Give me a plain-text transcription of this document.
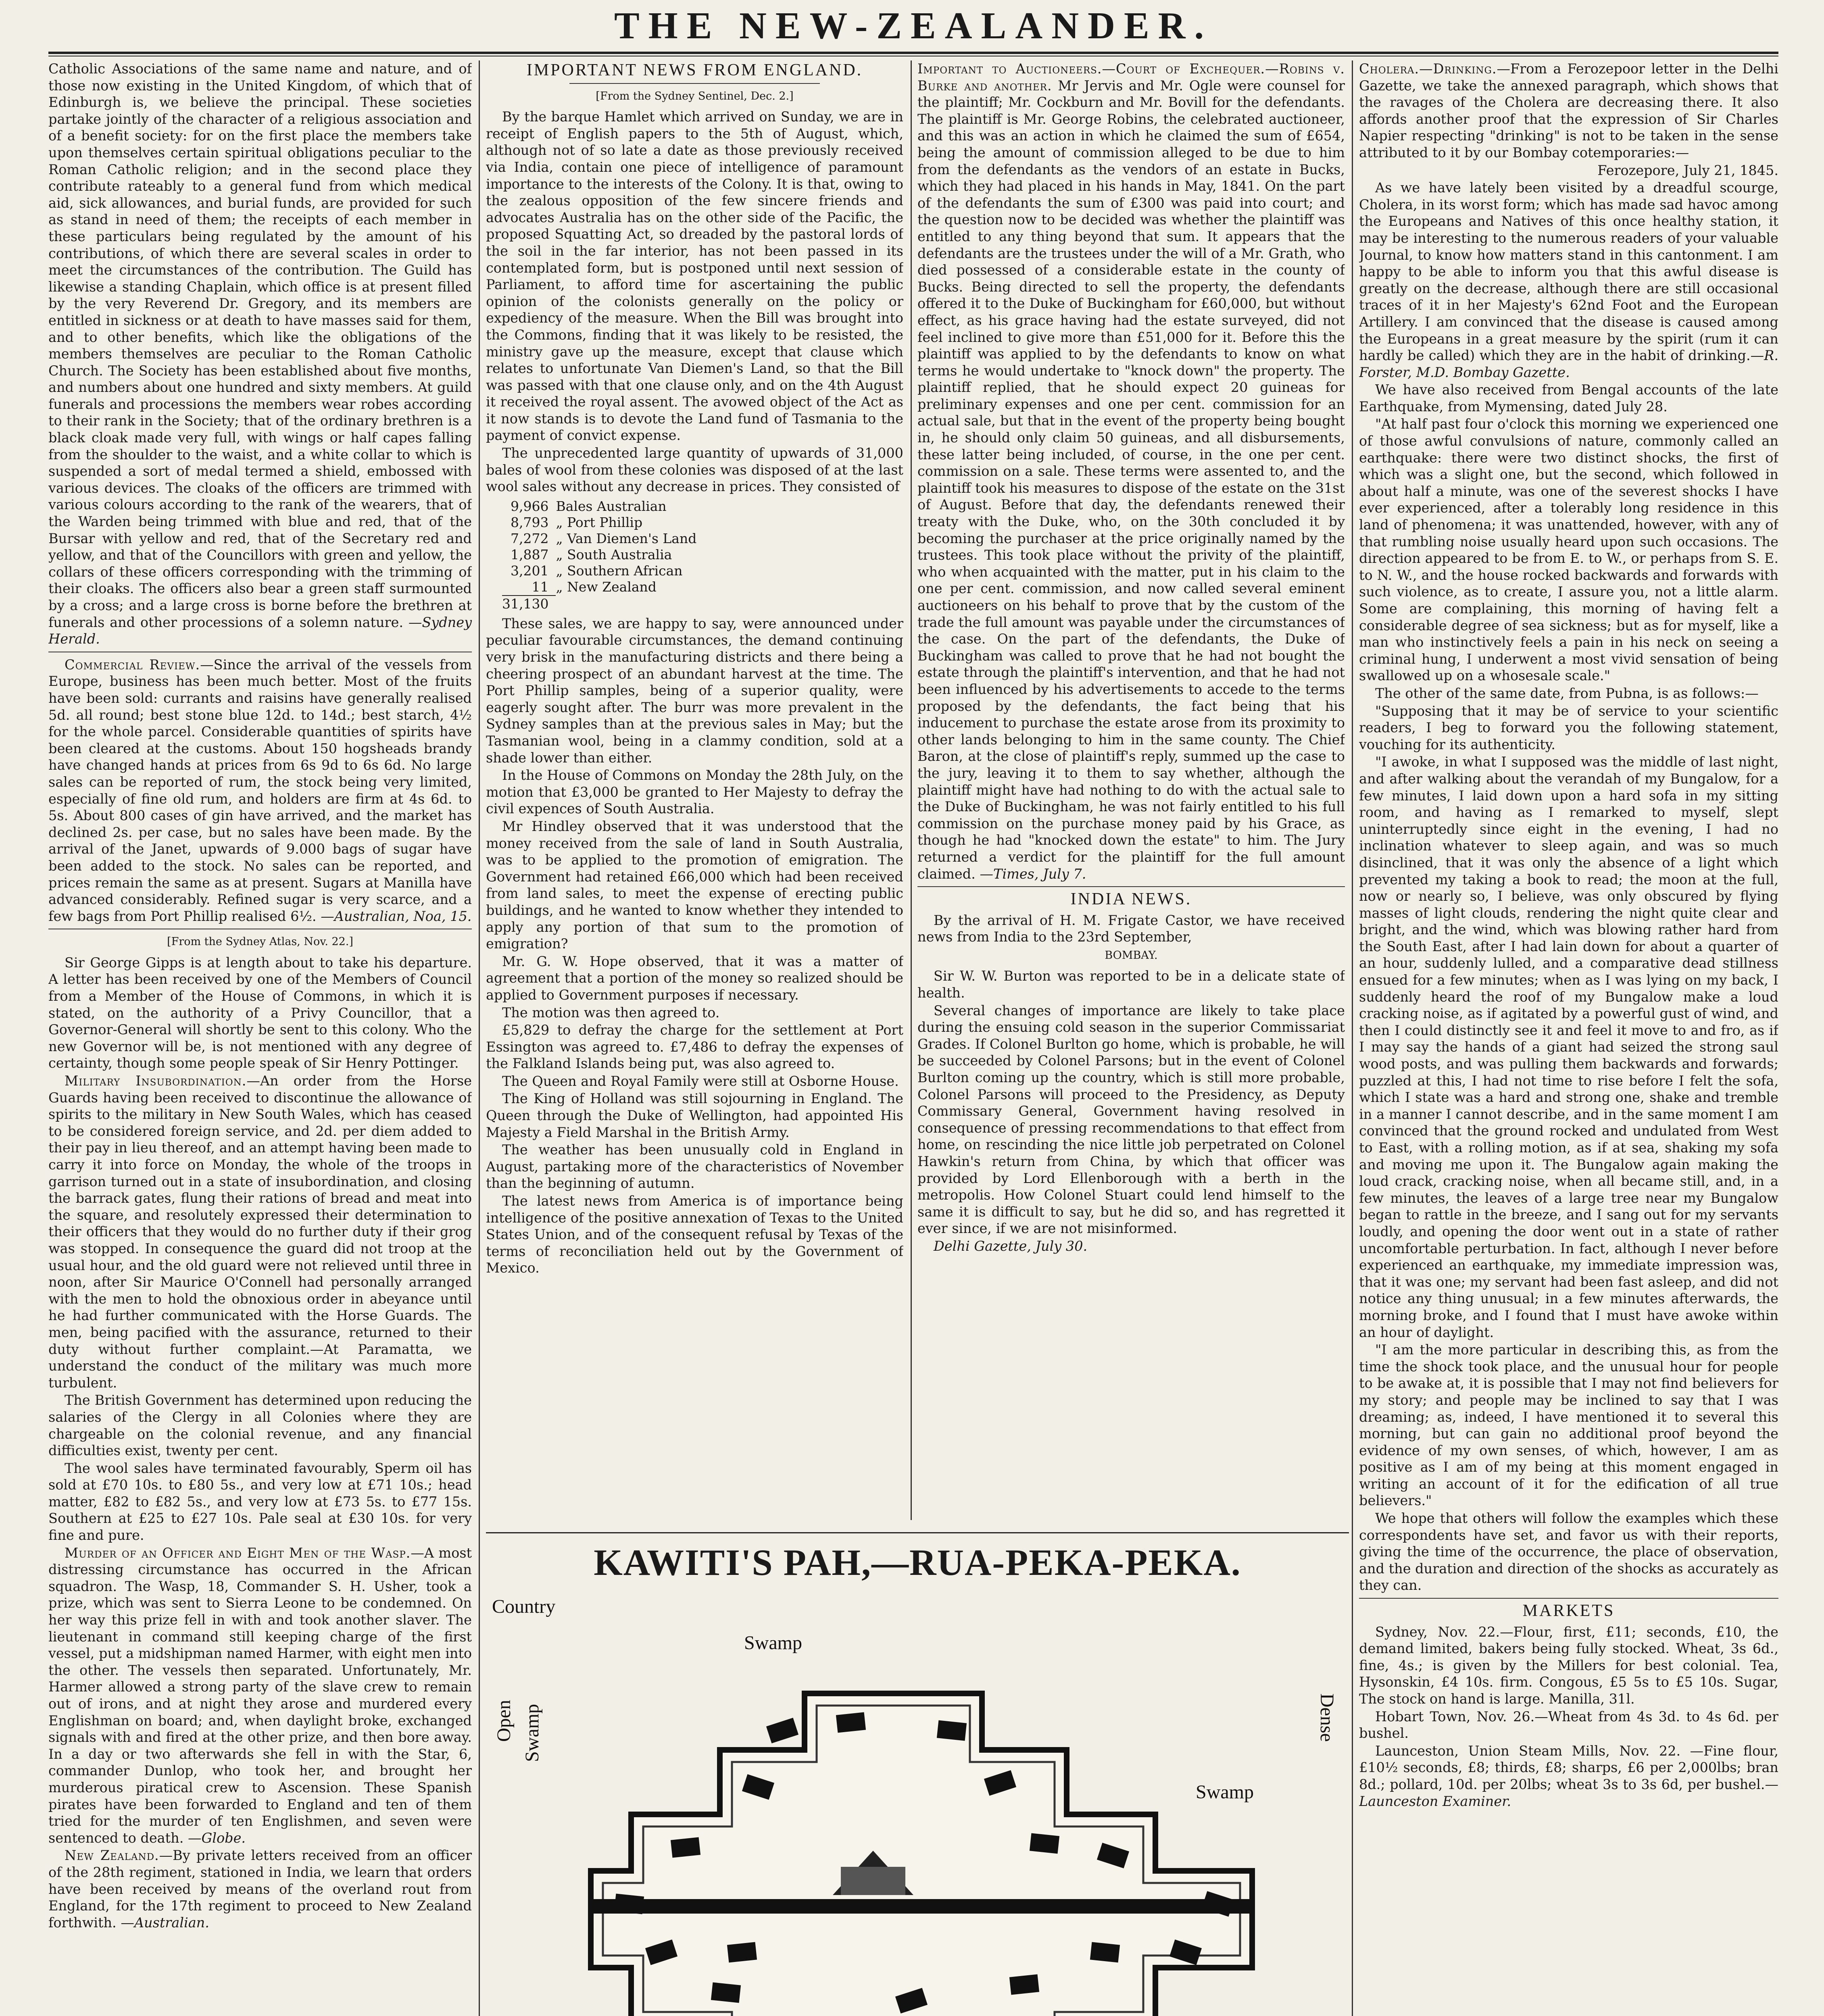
THE NEW-ZEALANDER.

Catholic Associations of the same name and nature, and of those now existing in the United Kingdom, of which that of Edinburgh is, we believe the principal. These societies partake jointly of the character of a religious association and of a benefit society: for on the first place the members take upon themselves certain spiritual obligations peculiar to the Roman Catholic religion; and in the second place they contribute rateably to a general fund from which medical aid, sick allowances, and burial funds, are provided for such as stand in need of them; the receipts of each member in these particulars being regulated by the amount of his contributions, of which there are several scales in order to meet the circumstances of the contribution. The Guild has likewise a standing Chaplain, which office is at present filled by the very Reverend Dr. Gregory, and its members are entitled in sickness or at death to have masses said for them, and to other benefits, which like the obligations of the members themselves are peculiar to the Roman Catholic Church. The Society has been established about five months, and numbers about one hundred and sixty members. At guild funerals and processions the members wear robes according to their rank in the Society; that of the ordinary brethren is a black cloak made very full, with wings or half capes falling from the shoulder to the waist, and a white collar to which is suspended a sort of medal termed a shield, embossed with various devices. The cloaks of the officers are trimmed with various colours according to the rank of the wearers, that of the Warden being trimmed with blue and red, that of the Bursar with yellow and red, that of the Secretary red and yellow, and that of the Councillors with green and yellow, the collars of these officers corresponding with the trimming of their cloaks. The officers also bear a green staff surmounted by a cross; and a large cross is borne before the brethren at funerals and other processions of a solemn nature. —Sydney Herald.

Commercial Review.—Since the arrival of the vessels from Europe, business has been much better. Most of the fruits have been sold: currants and raisins have generally realised 5d. all round; best stone blue 12d. to 14d.; best starch, 4½ for the whole parcel. Considerable quantities of spirits have been cleared at the customs. About 150 hogsheads brandy have changed hands at prices from 6s 9d to 6s 6d. No large sales can be reported of rum, the stock being very limited, especially of fine old rum, and holders are firm at 4s 6d. to 5s. About 800 cases of gin have arrived, and the market has declined 2s. per case, but no sales have been made. By the arrival of the Janet, upwards of 9.000 bags of sugar have been added to the stock. No sales can be reported, and prices remain the same as at present. Sugars at Manilla have advanced considerably. Refined sugar is very scarce, and a few bags from Port Phillip realised 6½. —Australian, Noa, 15.

[From the Sydney Atlas, Nov. 22.]

Sir George Gipps is at length about to take his departure. A letter has been received by one of the Members of Council from a Member of the House of Commons, in which it is stated, on the authority of a Privy Councillor, that a Governor-General will shortly be sent to this colony. Who the new Governor will be, is not mentioned with any degree of certainty, though some people speak of Sir Henry Pottinger.

Military Insubordination.—An order from the Horse Guards having been received to discontinue the allowance of spirits to the military in New South Wales, which has ceased to be considered foreign service, and 2d. per diem added to their pay in lieu thereof, and an attempt having been made to carry it into force on Monday, the whole of the troops in garrison turned out in a state of insubordination, and closing the barrack gates, flung their rations of bread and meat into the square, and resolutely expressed their determination to their officers that they would do no further duty if their grog was stopped. In consequence the guard did not troop at the usual hour, and the old guard were not relieved until three in noon, after Sir Maurice O'Connell had personally arranged with the men to hold the obnoxious order in abeyance until he had further communicated with the Horse Guards. The men, being pacified with the assurance, returned to their duty without further complaint.—At Paramatta, we understand the conduct of the military was much more turbulent.

The British Government has determined upon reducing the salaries of the Clergy in all Colonies where they are chargeable on the colonial revenue, and any financial difficulties exist, twenty per cent.

The wool sales have terminated favourably, Sperm oil has sold at £70 10s. to £80 5s., and very low at £71 10s.; head matter, £82 to £82 5s., and very low at £73 5s. to £77 15s. Southern at £25 to £27 10s. Pale seal at £30 10s. for very fine and pure.

Murder of an Officer and Eight Men of the Wasp.—A most distressing circumstance has occurred in the African squadron. The Wasp, 18, Commander S. H. Usher, took a prize, which was sent to Sierra Leone to be condemned. On her way this prize fell in with and took another slaver. The lieutenant in command still keeping charge of the first vessel, put a midshipman named Harmer, with eight men into the other. The vessels then separated. Unfortunately, Mr. Harmer allowed a strong party of the slave crew to remain out of irons, and at night they arose and murdered every Englishman on board; and, when daylight broke, exchanged signals with and fired at the other prize, and then bore away. In a day or two afterwards she fell in with the Star, 6, commander Dunlop, who took her, and brought her murderous piratical crew to Ascension. These Spanish pirates have been forwarded to England and ten of them tried for the murder of ten Englishmen, and seven were sentenced to death. —Globe.

New Zealand.—By private letters received from an officer of the 28th regiment, stationed in India, we learn that orders have been received by means of the overland rout from England, for the 17th regiment to proceed to New Zealand forthwith. —Australian.

IMPORTANT NEWS FROM ENGLAND.
[From the Sydney Sentinel, Dec. 2.]

By the barque Hamlet which arrived on Sunday, we are in receipt of English papers to the 5th of August, which, although not of so late a date as those previously received via India, contain one piece of intelligence of paramount importance to the interests of the Colony. It is that, owing to the zealous opposition of the few sincere friends and advocates Australia has on the other side of the Pacific, the proposed Squatting Act, so dreaded by the pastoral lords of the soil in the far interior, has not been passed in its contemplated form, but is postponed until next session of Parliament, to afford time for ascertaining the public opinion of the colonists generally on the policy or expediency of the measure. When the Bill was brought into the Commons, finding that it was likely to be resisted, the ministry gave up the measure, except that clause which relates to unfortunate Van Diemen's Land, so that the Bill was passed with that one clause only, and on the 4th August it received the royal assent. The avowed object of the Act as it now stands is to devote the Land fund of Tasmania to the payment of convict expense.

The unprecedented large quantity of upwards of 31,000 bales of wool from these colonies was disposed of at the last wool sales without any decrease in prices. They consisted of

9,966	Bales Australian
8,793	„ Port Phillip
7,272	„ Van Diemen's Land
1,887	„ South Australia
3,201	„ Southern African
11	„ New Zealand
31,130	

These sales, we are happy to say, were announced under peculiar favourable circumstances, the demand continuing very brisk in the manufacturing districts and there being a cheering prospect of an abundant harvest at the time. The Port Phillip samples, being of a superior quality, were eagerly sought after. The burr was more prevalent in the Sydney samples than at the previous sales in May; but the Tasmanian wool, being in a clammy condition, sold at a shade lower than either.

In the House of Commons on Monday the 28th July, on the motion that £3,000 be granted to Her Majesty to defray the civil expences of South Australia.

Mr Hindley observed that it was understood that the money received from the sale of land in South Australia, was to be applied to the promotion of emigration. The Government had retained £66,000 which had been received from land sales, to meet the expense of erecting public buildings, and he wanted to know whether they intended to apply any portion of that sum to the promotion of emigration?

Mr. G. W. Hope observed, that it was a matter of agreement that a portion of the money so realized should be applied to Government purposes if necessary.

The motion was then agreed to.

£5,829 to defray the charge for the settlement at Port Essington was agreed to. £7,486 to defray the expenses of the Falkland Islands being put, was also agreed to.

The Queen and Royal Family were still at Osborne House.

The King of Holland was still sojourning in England. The Queen through the Duke of Wellington, had appointed His Majesty a Field Marshal in the British Army.

The weather has been unusually cold in England in August, partaking more of the characteristics of November than the beginning of autumn.

The latest news from America is of importance being intelligence of the positive annexation of Texas to the United States Union, and of the consequent refusal by Texas of the terms of reconciliation held out by the Government of Mexico.

Important to Auctioneers.—Court of Exchequer.—Robins v. Burke and another. Mr Jervis and Mr. Ogle were counsel for the plaintiff; Mr. Cockburn and Mr. Bovill for the defendants. The plaintiff is Mr. George Robins, the celebrated auctioneer, and this was an action in which he claimed the sum of £654, being the amount of commission alleged to be due to him from the defendants as the vendors of an estate in Bucks, which they had placed in his hands in May, 1841. On the part of the defendants the sum of £300 was paid into court; and the question now to be decided was whether the plaintiff was entitled to any thing beyond that sum. It appears that the defendants are the trustees under the will of a Mr. Grath, who died possessed of a considerable estate in the county of Bucks. Being directed to sell the property, the defendants offered it to the Duke of Buckingham for £60,000, but without effect, as his grace having had the estate surveyed, did not feel inclined to give more than £51,000 for it. Before this the plaintiff was applied to by the defendants to know on what terms he would undertake to "knock down" the property. The plaintiff replied, that he should expect 20 guineas for preliminary expenses and one per cent. commission for an actual sale, but that in the event of the property being bought in, he should only claim 50 guineas, and all disbursements, these latter being included, of course, in the one per cent. commission on a sale. These terms were assented to, and the plaintiff took his measures to dispose of the estate on the 31st of August. Before that day, the defendants renewed their treaty with the Duke, who, on the 30th concluded it by becoming the purchaser at the price originally named by the trustees. This took place without the privity of the plaintiff, who when acquainted with the matter, put in his claim to the one per cent. commission, and now called several eminent auctioneers on his behalf to prove that by the custom of the trade the full amount was payable under the circumstances of the case. On the part of the defendants, the Duke of Buckingham was called to prove that he had not bought the estate through the plaintiff's intervention, and that he had not been influenced by his advertisements to accede to the terms proposed by the defendants, the fact being that his inducement to purchase the estate arose from its proximity to other lands belonging to him in the same county. The Chief Baron, at the close of plaintiff's reply, summed up the case to the jury, leaving it to them to say whether, although the plaintiff might have had nothing to do with the actual sale to the Duke of Buckingham, he was not fairly entitled to his full commission on the purchase money paid by his Grace, as though he had "knocked down the estate" to him. The Jury returned a verdict for the plaintiff for the full amount claimed. —Times, July 7.

INDIA NEWS.

By the arrival of H. M. Frigate Castor, we have received news from India to the 23rd September,

BOMBAY.

Sir W. W. Burton was reported to be in a delicate state of health.

Several changes of importance are likely to take place during the ensuing cold season in the superior Commissariat Grades. If Colonel Burlton go home, which is probable, he will be succeeded by Colonel Parsons; but in the event of Colonel Burlton coming up the country, which is still more probable, Colonel Parsons will proceed to the Presidency, as Deputy Commissary General, Government having resolved in consequence of pressing recommendations to that effect from home, on rescinding the nice little job perpetrated on Colonel Hawkin's return from China, by which that officer was provided by Lord Ellenborough with a berth in the metropolis. How Colonel Stuart could lend himself to the same it is difficult to say, but he did so, and has regretted it ever since, if we are not misinformed.

Delhi Gazette, July 30.

KAWITI'S PAH,—RUA-PEKA-PEKA.
Country
Open
Swamp
Swamp
Swamp
Dense

Cholera.—Drinking.—From a Ferozepoor letter in the Delhi Gazette, we take the annexed paragraph, which shows that the ravages of the Cholera are decreasing there. It also affords another proof that the expression of Sir Charles Napier respecting "drinking" is not to be taken in the sense attributed to it by our Bombay cotemporaries:—

Ferozepore, July 21, 1845.

As we have lately been visited by a dreadful scourge, Cholera, in its worst form; which has made sad havoc among the Europeans and Natives of this once healthy station, it may be interesting to the numerous readers of your valuable Journal, to know how matters stand in this cantonment. I am happy to be able to inform you that this awful disease is greatly on the decrease, although there are still occasional traces of it in her Majesty's 62nd Foot and the European Artillery. I am convinced that the disease is caused among the Europeans in a great measure by the spirit (rum it can hardly be called) which they are in the habit of drinking.—R. Forster, M.D. Bombay Gazette.

We have also received from Bengal accounts of the late Earthquake, from Mymensing, dated July 28.

"At half past four o'clock this morning we experienced one of those awful convulsions of nature, commonly called an earthquake: there were two distinct shocks, the first of which was a slight one, but the second, which followed in about half a minute, was one of the severest shocks I have ever experienced, after a tolerably long residence in this land of phenomena; it was unattended, however, with any of that rumbling noise usually heard upon such occasions. The direction appeared to be from E. to W., or perhaps from S. E. to N. W., and the house rocked backwards and forwards with such violence, as to create, I assure you, not a little alarm. Some are complaining, this morning of having felt a considerable degree of sea sickness; but as for myself, like a man who instinctively feels a pain in his neck on seeing a criminal hung, I underwent a most vivid sensation of being swallowed up on a whosesale scale."

The other of the same date, from Pubna, is as follows:—

"Supposing that it may be of service to your scientific readers, I beg to forward you the following statement, vouching for its authenticity.

"I awoke, in what I supposed was the middle of last night, and after walking about the verandah of my Bungalow, for a few minutes, I laid down upon a hard sofa in my sitting room, and having as I remarked to myself, slept uninterruptedly since eight in the evening, I had no inclination whatever to sleep again, and was so much disinclined, that it was only the absence of a light which prevented my taking a book to read; the moon at the full, now or nearly so, I believe, was only obscured by flying masses of light clouds, rendering the night quite clear and bright, and the wind, which was blowing rather hard from the South East, after I had lain down for about a quarter of an hour, suddenly lulled, and a comparative dead stillness ensued for a few minutes; when as I was lying on my back, I suddenly heard the roof of my Bungalow make a loud cracking noise, as if agitated by a powerful gust of wind, and then I could distinctly see it and feel it move to and fro, as if I may say the hands of a giant had seized the strong saul wood posts, and was pulling them backwards and forwards; puzzled at this, I had not time to rise before I felt the sofa, which I state was a hard and strong one, shake and tremble in a manner I cannot describe, and in the same moment I am convinced that the ground rocked and undulated from West to East, with a rolling motion, as if at sea, shaking my sofa and moving me upon it. The Bungalow again making the loud crack, cracking noise, when all became still, and, in a few minutes, the leaves of a large tree near my Bungalow began to rattle in the breeze, and I sang out for my servants loudly, and opening the door went out in a state of rather uncomfortable perturbation. In fact, although I never before experienced an earthquake, my immediate impression was, that it was one; my servant had been fast asleep, and did not notice any thing unusual; in a few minutes afterwards, the morning broke, and I found that I must have awoke within an hour of daylight.

"I am the more particular in describing this, as from the time the shock took place, and the unusual hour for people to be awake at, it is possible that I may not find believers for my story; and people may be inclined to say that I was dreaming; as, indeed, I have mentioned it to several this morning, but can gain no additional proof beyond the evidence of my own senses, of which, however, I am as positive as I am of my being at this moment engaged in writing an account of it for the edification of all true believers."

We hope that others will follow the examples which these correspondents have set, and favor us with their reports, giving the time of the occurrence, the place of observation, and the duration and direction of the shocks as accurately as they can.

MARKETS

Sydney, Nov. 22.—Flour, first, £11; seconds, £10, the demand limited, bakers being fully stocked. Wheat, 3s 6d., fine, 4s.; is given by the Millers for best colonial. Tea, Hysonskin, £4 10s. firm. Congous, £5 5s to £5 10s. Sugar, The stock on hand is large. Manilla, 31l.

Hobart Town, Nov. 26.—Wheat from 4s 3d. to 4s 6d. per bushel.

Launceston, Union Steam Mills, Nov. 22. —Fine flour, £10½ seconds, £8; thirds, £8; sharps, £6 per 2,000lbs; bran 8d.; pollard, 10d. per 20lbs; wheat 3s to 3s 6d, per bushel.—Launceston Examiner.
